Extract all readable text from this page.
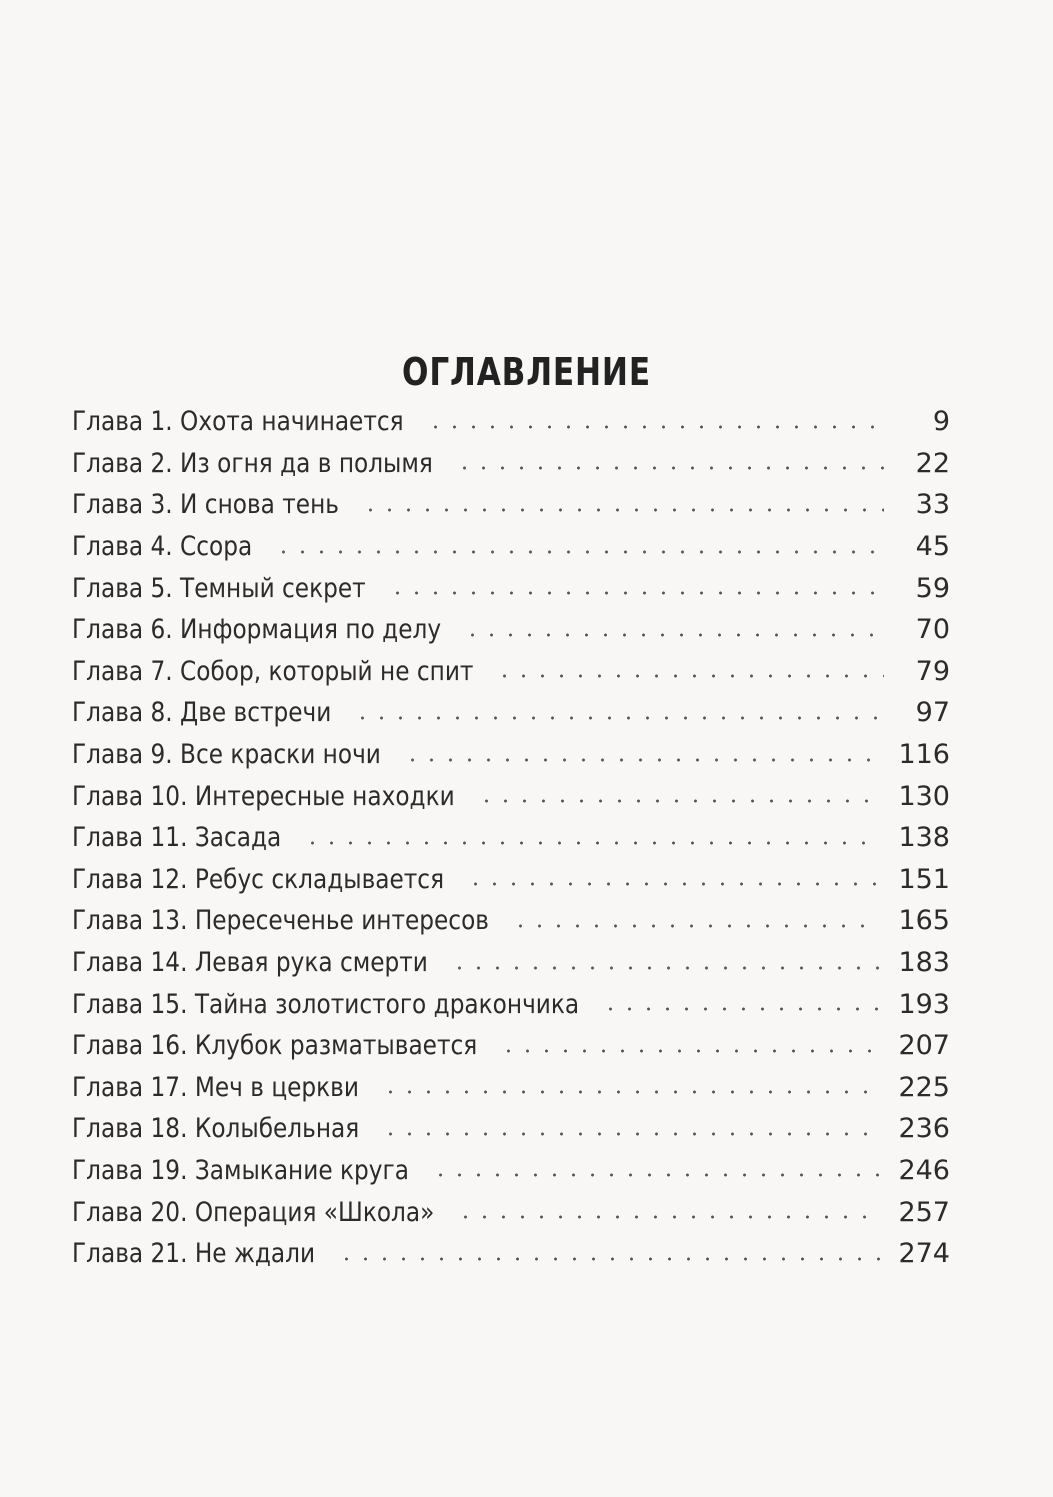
ОГЛАВЛЕНИЕ
Глава 1. Охота начинается	9
Глава 2. Из огня да в полымя	22
Глава 3. И снова тень	33
Глава 4. Ссора	45
Глава 5. Темный секрет	59
Глава 6. Информация по делу	70
Глава 7. Собор, который не спит	79
Глава 8. Две встречи	97
Глава 9. Все краски ночи	116
Глава 10. Интересные находки	130
Глава 11. Засада	138
Глава 12. Ребус складывается	151
Глава 13. Пересеченье интересов	165
Глава 14. Левая рука смерти	183
Глава 15. Тайна золотистого дракончика	193
Глава 16. Клубок разматывается	207
Глава 17. Меч в церкви	225
Глава 18. Колыбельная	236
Глава 19. Замыкание круга	246
Глава 20. Операция «Школа»	257
Глава 21. Не ждали	274
